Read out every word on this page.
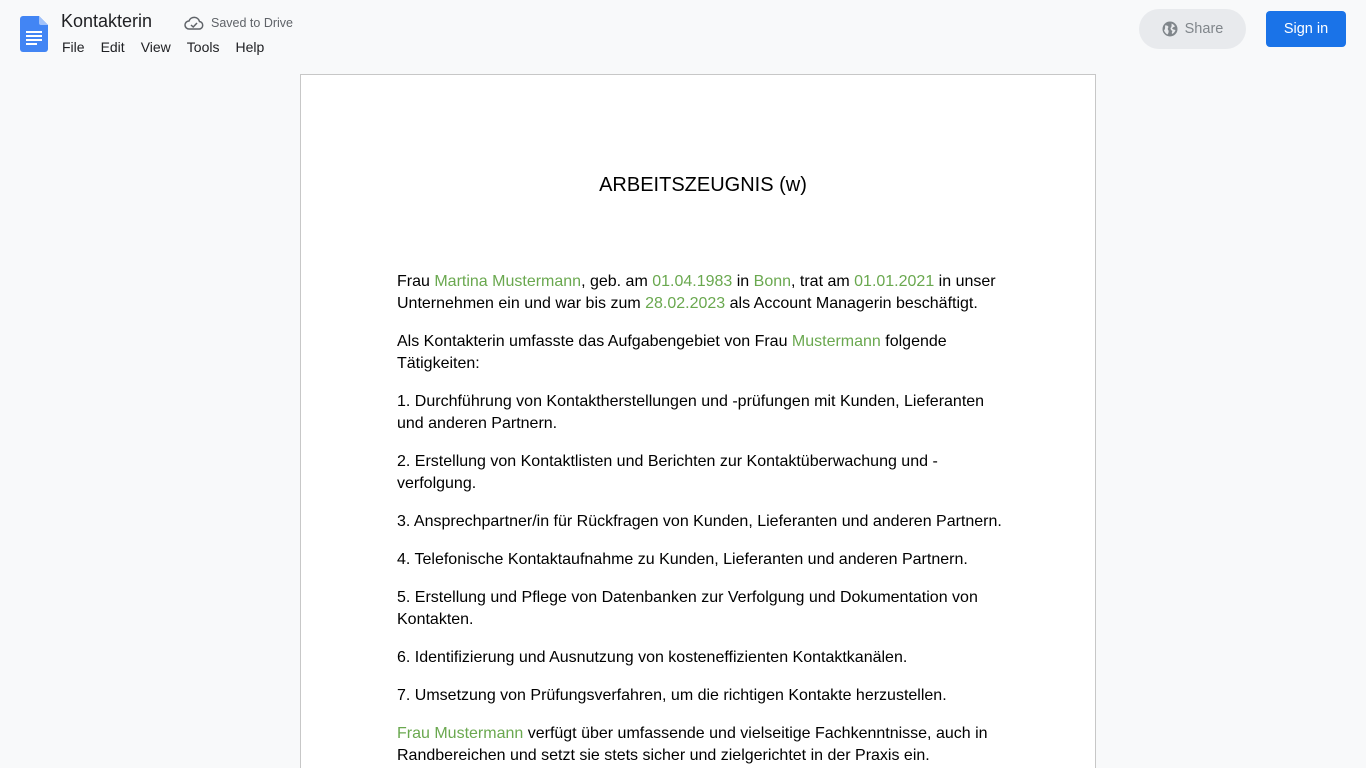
Kontakterin	Saved to Drive
File	Edit	View	Tools	Help
Share	Sign in
ARBEITSZEUGNIS (w)

Frau Martina Mustermann, geb. am 01.04.1983 in Bonn, trat am 01.01.2021 in unser Unternehmen ein und war bis zum 28.02.2023 als Account Managerin beschäftigt.

Als Kontakterin umfasste das Aufgabengebiet von Frau Mustermann folgende Tätigkeiten:

1. Durchführung von Kontaktherstellungen und -prüfungen mit Kunden, Lieferanten und anderen Partnern.

2. Erstellung von Kontaktlisten und Berichten zur Kontaktüberwachung und -verfolgung.

3. Ansprechpartner/in für Rückfragen von Kunden, Lieferanten und anderen Partnern.

4. Telefonische Kontaktaufnahme zu Kunden, Lieferanten und anderen Partnern.

5. Erstellung und Pflege von Datenbanken zur Verfolgung und Dokumentation von Kontakten.

6. Identifizierung und Ausnutzung von kosteneffizienten Kontaktkanälen.

7. Umsetzung von Prüfungsverfahren, um die richtigen Kontakte herzustellen.

Frau Mustermann verfügt über umfassende und vielseitige Fachkenntnisse, auch in Randbereichen und setzt sie stets sicher und zielgerichtet in der Praxis ein.
